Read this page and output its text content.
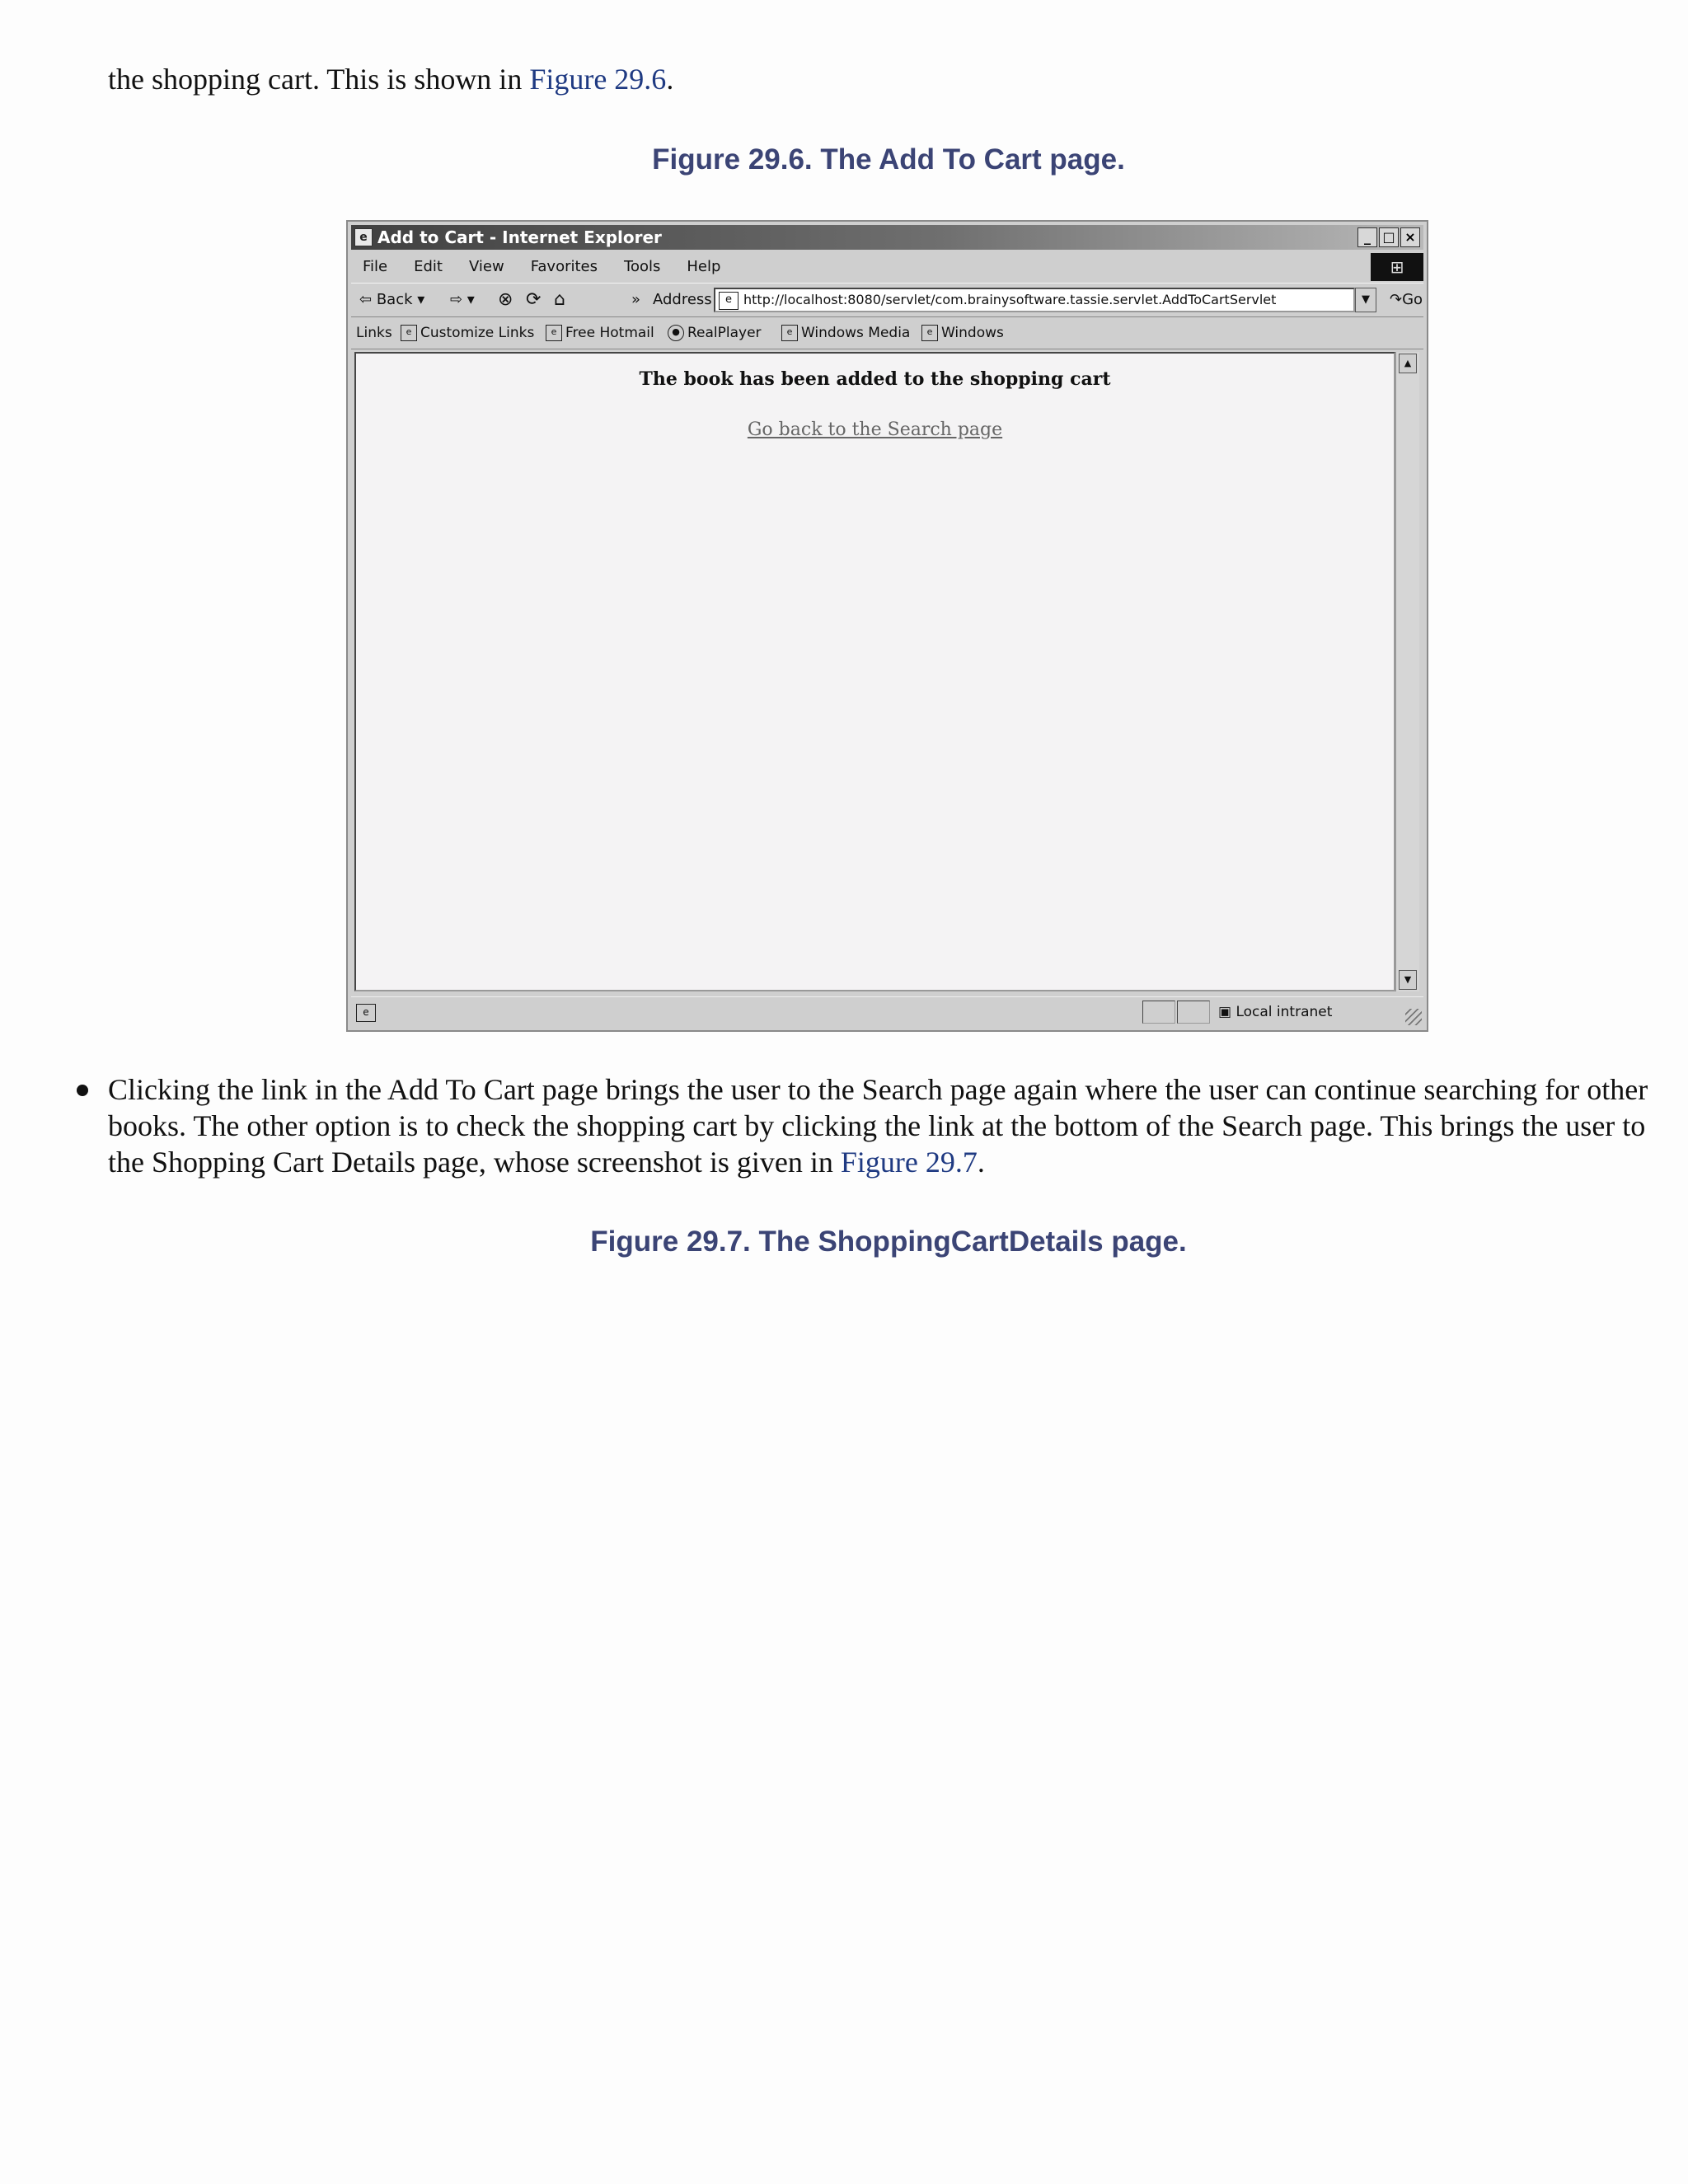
the shopping cart. This is shown in Figure 29.6.
Figure 29.6. The Add To Cart page.
e Add to Cart - Internet Explorer	_ □ ×
File Edit View Favorites Tools Help	⊞
⇦ Back ▾ ⇨ ▾ ⊗ ⟳ ⌂	» Address	e http://localhost:8080/servlet/com.brainysoftware.tassie.servlet.AddToCartServlet	▼	↷Go
Links	e Customize Links	e Free Hotmail	● RealPlayer	e Windows Media	e Windows
The book has been added to the shopping cart
Go back to the Search page
▲
▼
e	▣ Local intranet
Clicking the link in the Add To Cart page brings the user to the Search page again where the user can continue searching for other books. The other option is to check the shopping cart by clicking the link at the bottom of the Search page. This brings the user to the Shopping Cart Details page, whose screenshot is given in Figure 29.7.
Figure 29.7. The ShoppingCartDetails page.
